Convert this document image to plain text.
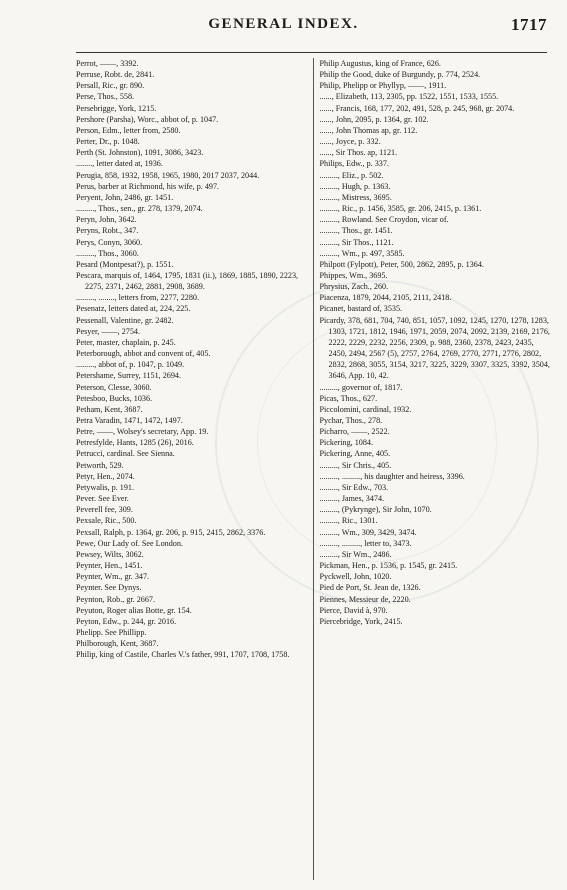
GENERAL INDEX.	1717
Perrot, ——, 3392.
Perruse, Robt. de, 2841.
Persall, Ric., gr. 890.
Perse, Thos., 558.
Persebrigge, York, 1215.
Pershore (Parsha), Worc., abbot of, p. 1047.
Person, Edm., letter from, 2580.
Perter, Dr., p. 1048.
Perth (St. Johnston), 1091, 3086, 3423.
........, letter dated at, 1936.
Perugia, 858, 1932, 1958, 1965, 1980, 2017 2037, 2044.
Perus, barber at Richmond, his wife, p. 497.
Peryent, John, 2486, gr. 1451.
........., Thos., sen., gr. 278, 1379, 2074.
Peryn, John, 3642.
Peryns, Robt., 347.
Perys, Conyn, 3060.
........., Thos., 3060.
Pesard (Montpesat?), p. 1551.
Pescara, marquis of, 1464, 1795, 1831 (ii.), 1869, 1885, 1890, 2223, 2275, 2371, 2462, 2881, 2908, 3689.
........., ........, letters from, 2277, 2280.
Pesenatz, letters dated at, 224, 225.
Pessenall, Valentine, gr. 2482.
Pesyer, ——, 2754.
Peter, master, chaplain, p. 245.
Peterborough, abbot and convent of, 405.
........., abbot of, p. 1047, p. 1049.
Petershame, Surrey, 1151, 2694.
Peterson, Clesse, 3060.
Petesboo, Bucks, 1036.
Petham, Kent, 3687.
Petra Varadin, 1471, 1472, 1497.
Petre, ——, Wolsey's secretary, App. 19.
Petresfylde, Hants, 1285 (26), 2016.
Petrucci, cardinal. See Sienna.
Petworth, 529.
Petyr, Hen., 2074.
Petywalis, p. 191.
Pever. See Ever.
Peverell fee, 309.
Pexsale, Ric., 500.
Pexsall, Ralph, p. 1364, gr. 206, p. 915, 2415, 2862, 3376.
Pewe, Our Lady of. See London.
Pewsey, Wilts, 3062.
Peynter, Hen., 1451.
Peynter, Wm., gr. 347.
Peynter. See Dynys.
Peynton, Rob., gr. 2667.
Peyuton, Roger alias Botte, gr. 154.
Peyton, Edw., p. 244, gr. 2016.
Phelipp. See Phillipp.
Philborough, Kent, 3687.
Philip, king of Castile, Charles V.'s father, 991, 1707, 1708, 1758.
Philip Augustus, king of France, 626.
Philip the Good, duke of Burgundy, p. 774, 2524.
Philip, Phelipp or Phyllyp, ——, 1911.
......, Elizabeth, 113, 2305, pp. 1522, 1551, 1533, 1555.
......, Francis, 168, 177, 202, 491, 528, p. 245, 968, gr. 2074.
......, John, 2095, p. 1364, gr. 102.
......, John Thomas ap, gr. 112.
......, Joyce, p. 332.
......, Sir Thos. ap, 1121.
Philips, Edw., p. 337.
........., Eliz., p. 502.
........., Hugh, p. 1363.
........., Mistress, 3695.
........., Ric., p. 1456, 3585, gr. 206, 2415, p. 1361.
........., Rowland. See Croydon, vicar of.
........., Thos., gr. 1451.
........., Sir Thos., 1121.
........., Wm., p. 497, 3585.
Philpott (Fylpott), Peter, 500, 2862, 2895, p. 1364.
Phippes, Wm., 3695.
Phrysius, Zach., 260.
Piacenza, 1879, 2044, 2105, 2111, 2418.
Picanet, bastard of, 3535.
Picardy, 378, 681, 704, 740, 851, 1057, 1092, 1245, 1270, 1278, 1283, 1303, 1721, 1812, 1946, 1971, 2059, 2074, 2092, 2139, 2169, 2176, 2222, 2229, 2232, 2256, 2309, p. 988, 2360, 2378, 2423, 2435, 2450, 2494, 2567 (5), 2757, 2764, 2769, 2770, 2771, 2776, 2802, 2832, 2868, 3055, 3154, 3217, 3225, 3229, 3307, 3325, 3392, 3504, 3646, App. 10, 42.
........., governor of, 1817.
Picas, Thos., 627.
Piccolomini, cardinal, 1932.
Pychar, Thos., 278.
Picharro, ——, 2522.
Pickering, 1084.
Pickering, Anne, 405.
........., Sir Chris., 405.
........., ........., his daughter and heiress, 3396.
........., Sir Edw., 703.
........., James, 3474.
........., (Pykrynge), Sir John, 1070.
........., Ric., 1301.
........., Wm., 309, 3429, 3474.
........., ........., letter to, 3473.
........., Sir Wm., 2486.
Pickman, Hen., p. 1536, p. 1545, gr. 2415.
Pyckwell, John, 1020.
Pied de Port, St. Jean de, 1326.
Piennes, Messieur de, 2220.
Pierce, David à, 970.
Piercebridge, York, 2415.
